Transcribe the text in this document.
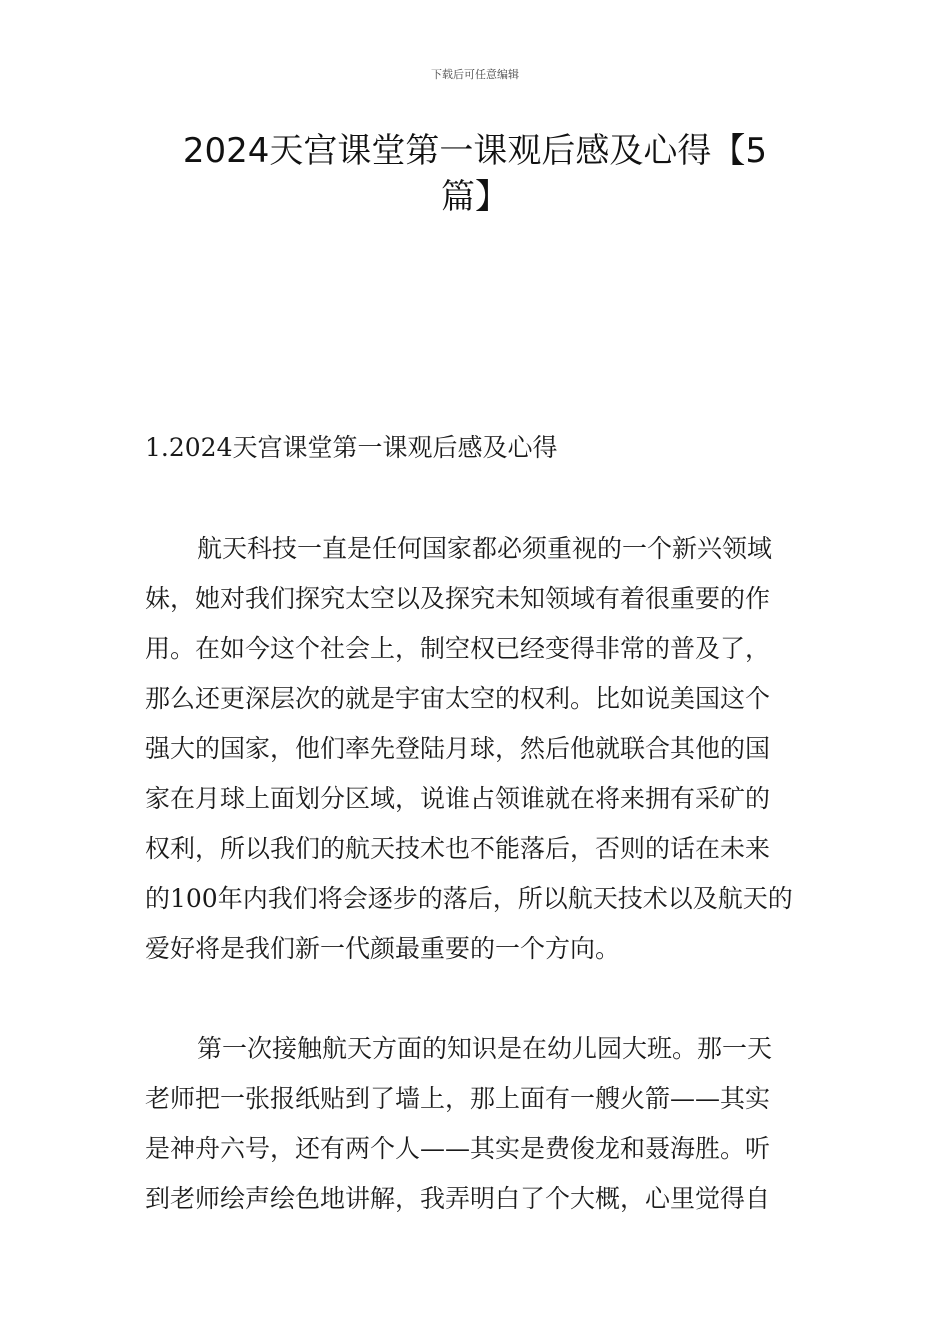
下载后可任意编辑
2024天宫课堂第一课观后感及心得【5
篇】
1.2024天宫课堂第一课观后感及心得
航天科技一直是任何国家都必须重视的一个新兴领域
妹，她对我们探究太空以及探究未知领域有着很重要的作
用。在如今这个社会上，制空权已经变得非常的普及了，
那么还更深层次的就是宇宙太空的权利。比如说美国这个
强大的国家，他们率先登陆月球，然后他就联合其他的国
家在月球上面划分区域，说谁占领谁就在将来拥有采矿的
权利，所以我们的航天技术也不能落后，否则的话在未来
的100年内我们将会逐步的落后，所以航天技术以及航天的
爱好将是我们新一代颜最重要的一个方向。
第一次接触航天方面的知识是在幼儿园大班。那一天
老师把一张报纸贴到了墙上，那上面有一艘火箭——其实
是神舟六号，还有两个人——其实是费俊龙和聂海胜。听
到老师绘声绘色地讲解，我弄明白了个大概，心里觉得自
